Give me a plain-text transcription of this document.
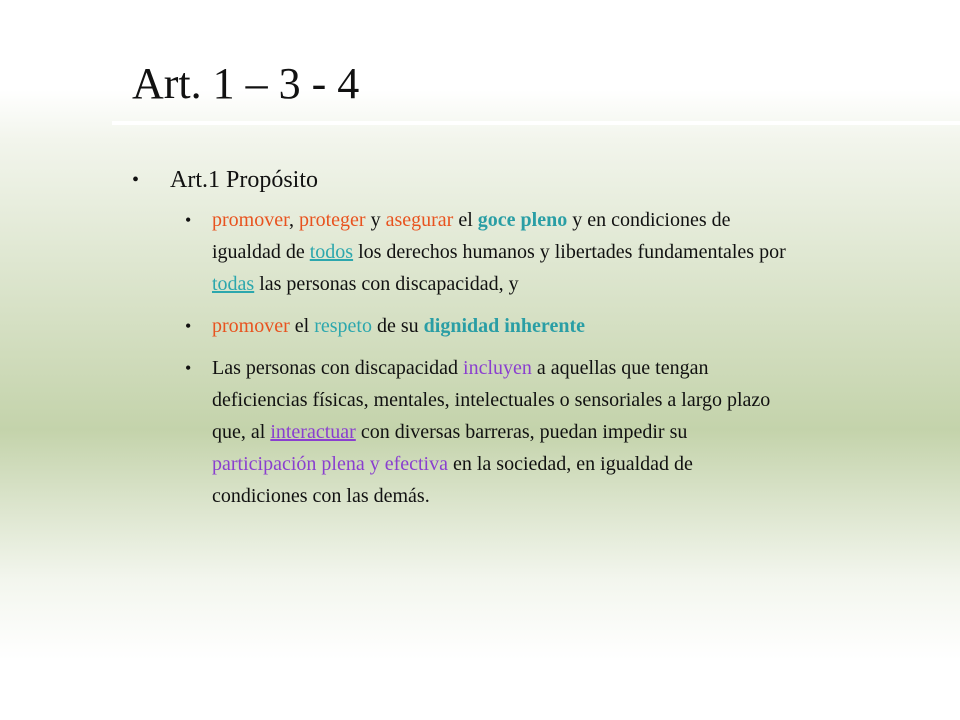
Art. 1 – 3 - 4
• Art.1 Propósito
• promover, proteger y asegurar el goce pleno y en condiciones de igualdad de todos los derechos humanos y libertades fundamentales por todas las personas con discapacidad, y
• promover el respeto de su dignidad inherente
• Las personas con discapacidad incluyen a aquellas que tengan deficiencias físicas, mentales, intelectuales o sensoriales a largo plazo que, al interactuar con diversas barreras, puedan impedir su participación plena y efectiva en la sociedad, en igualdad de condiciones con las demás.
